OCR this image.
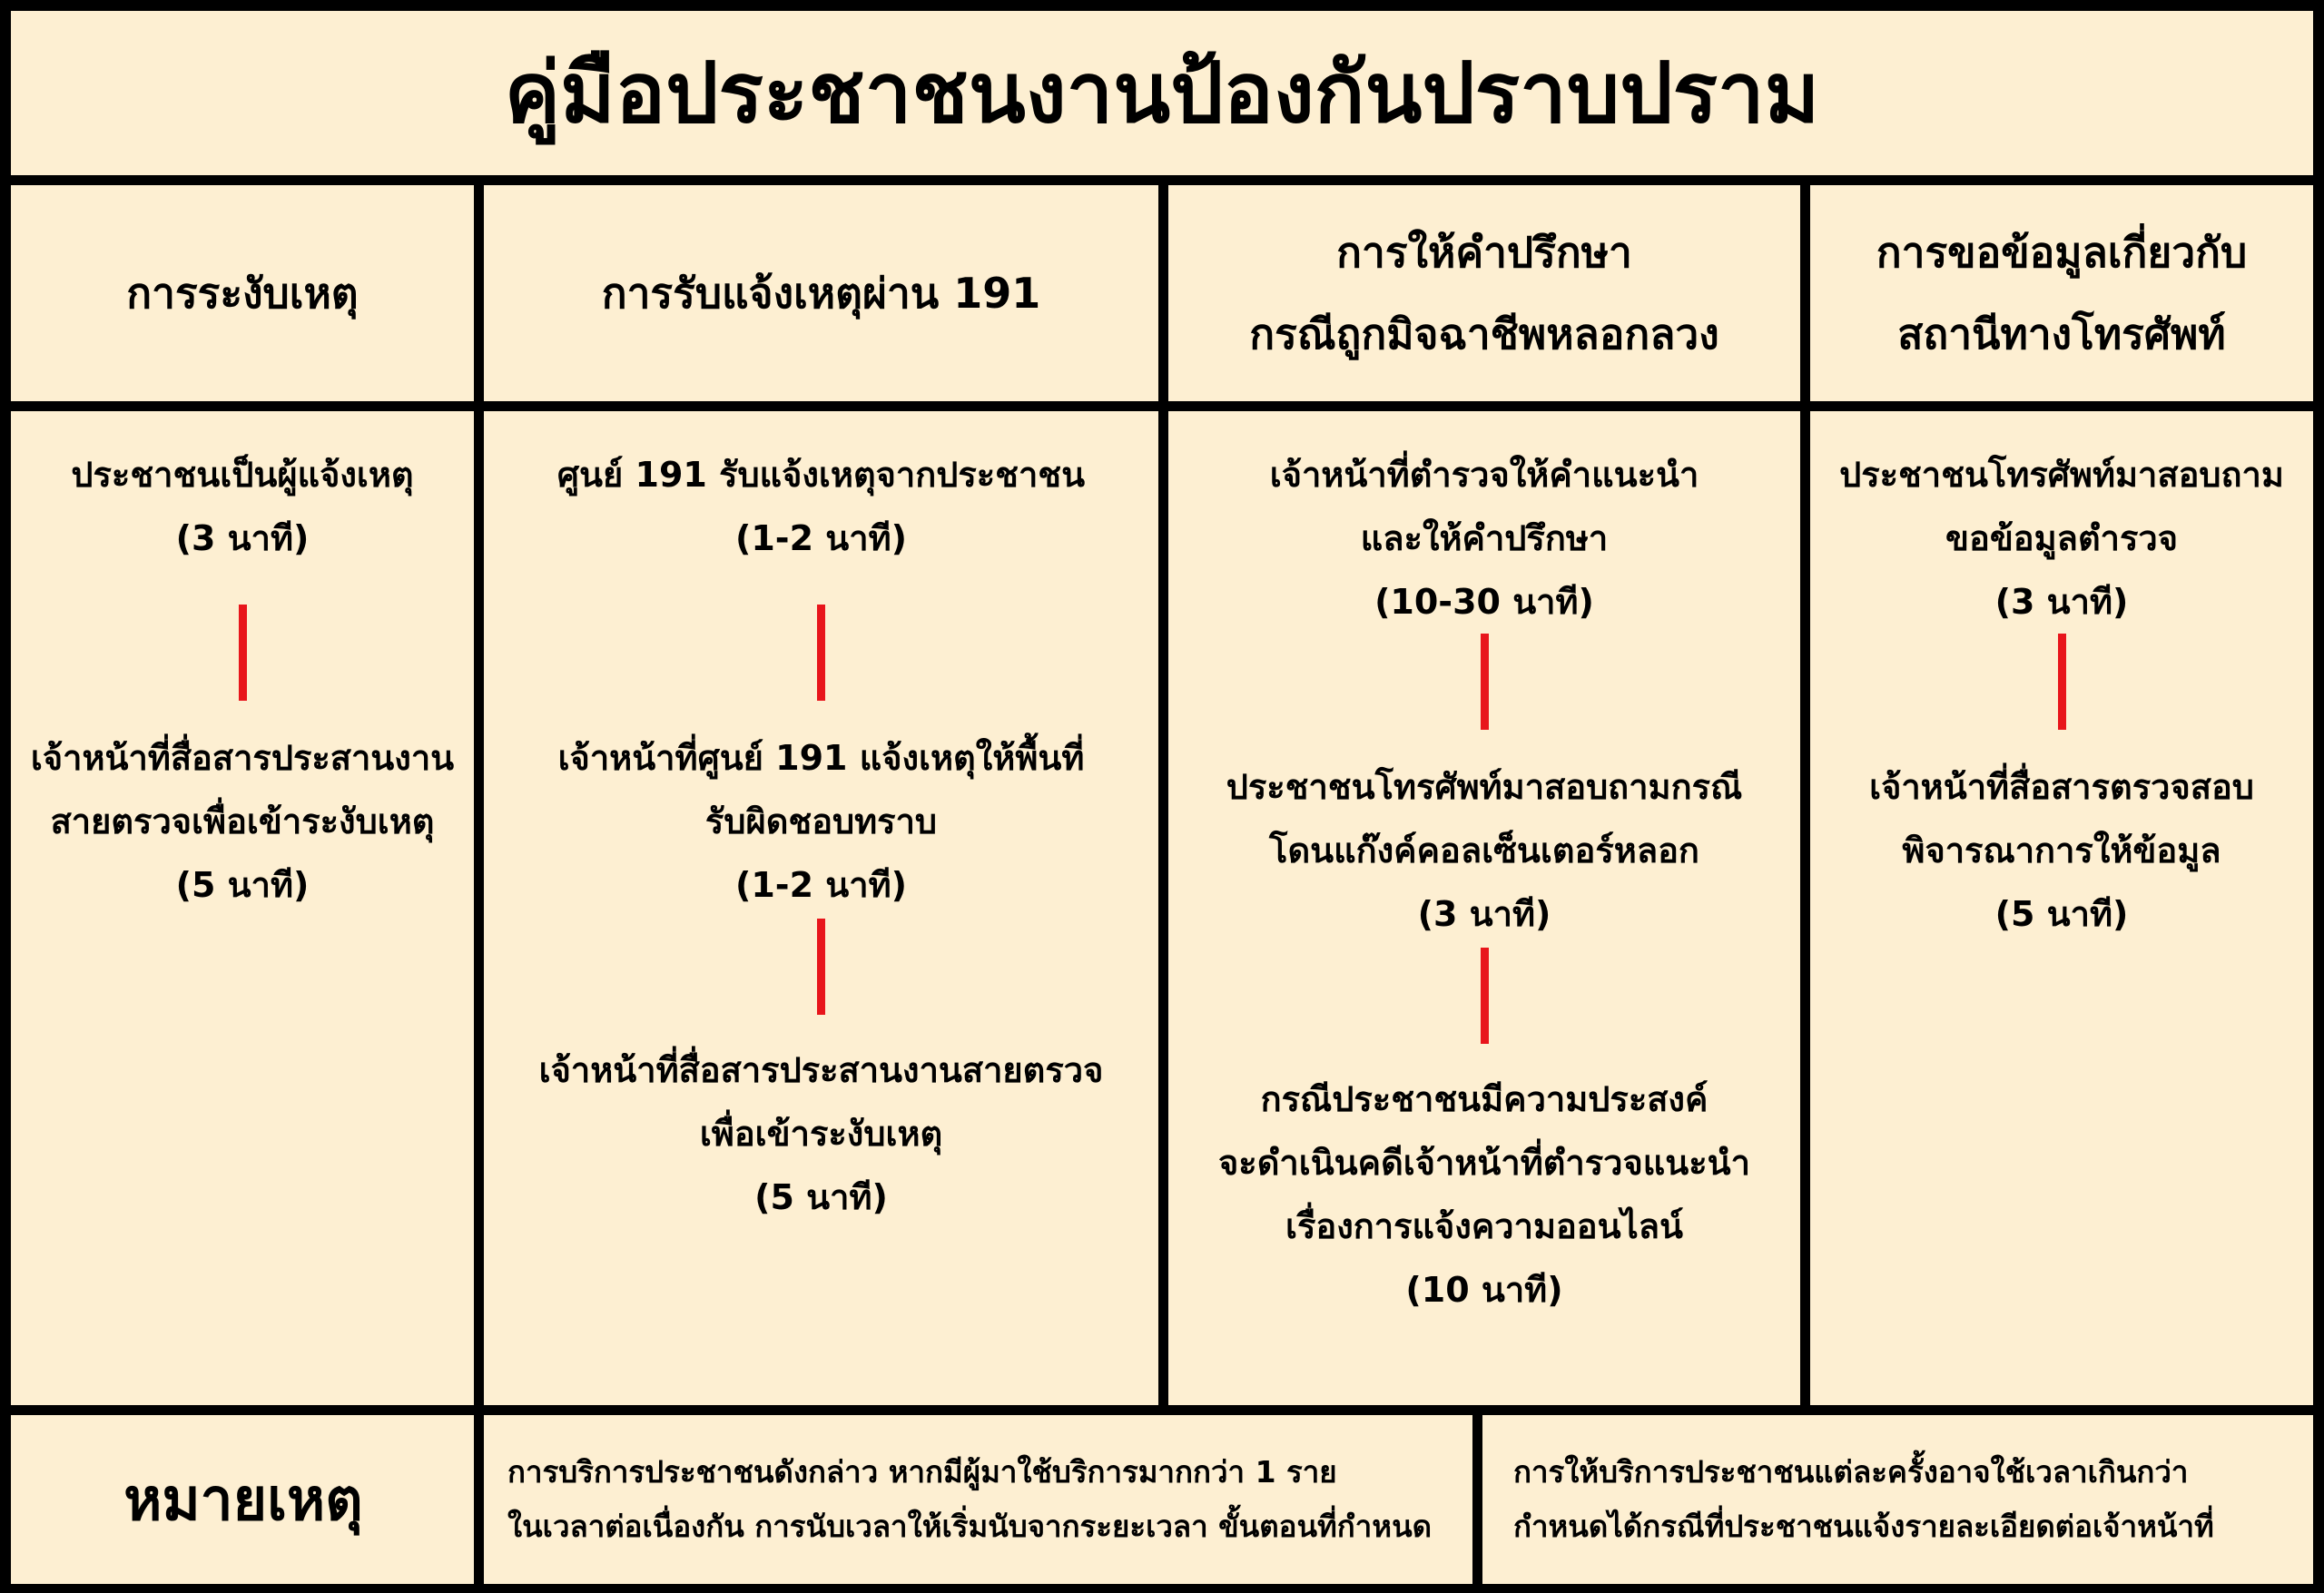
คู่มือประชาชนงานป้องกันปราบปราม
การระงับเหตุ
ประชาชนเป็นผู้แจ้งเหตุ
(3 นาที)
เจ้าหน้าที่สื่อสารประสานงาน
สายตรวจเพื่อเข้าระงับเหตุ
(5 นาที)
การรับแจ้งเหตุผ่าน 191
ศูนย์ 191 รับแจ้งเหตุจากประชาชน
(1-2 นาที)
เจ้าหน้าที่ศูนย์ 191 แจ้งเหตุให้พื้นที่
รับผิดชอบทราบ
(1-2 นาที)
เจ้าหน้าที่สื่อสารประสานงานสายตรวจ
เพื่อเข้าระงับเหตุ
(5 นาที)
การให้คำปรึกษา
กรณีถูกมิจฉาชีพหลอกลวง
เจ้าหน้าที่ตำรวจให้คำแนะนำ
และให้คำปรึกษา
(10-30 นาที)
ประชาชนโทรศัพท์มาสอบถามกรณี
โดนแก๊งค์คอลเซ็นเตอร์หลอก
(3 นาที)
กรณีประชาชนมีความประสงค์
จะดำเนินคดีเจ้าหน้าที่ตำรวจแนะนำ
เรื่องการแจ้งความออนไลน์
(10 นาที)
การขอข้อมูลเกี่ยวกับ
สถานีทางโทรศัพท์
ประชาชนโทรศัพท์มาสอบถาม
ขอข้อมูลตำรวจ
(3 นาที)
เจ้าหน้าที่สื่อสารตรวจสอบ
พิจารณาการให้ข้อมูล
(5 นาที)
หมายเหตุ	การบริการประชาชนดังกล่าว หากมีผู้มาใช้บริการมากกว่า 1 ราย
ในเวลาต่อเนื่องกัน การนับเวลาให้เริ่มนับจากระยะเวลา ขั้นตอนที่กำหนด
การให้บริการประชาชนแต่ละครั้งอาจใช้เวลาเกินกว่า
กำหนดได้กรณีที่ประชาชนแจ้งรายละเอียดต่อเจ้าหน้าที่
